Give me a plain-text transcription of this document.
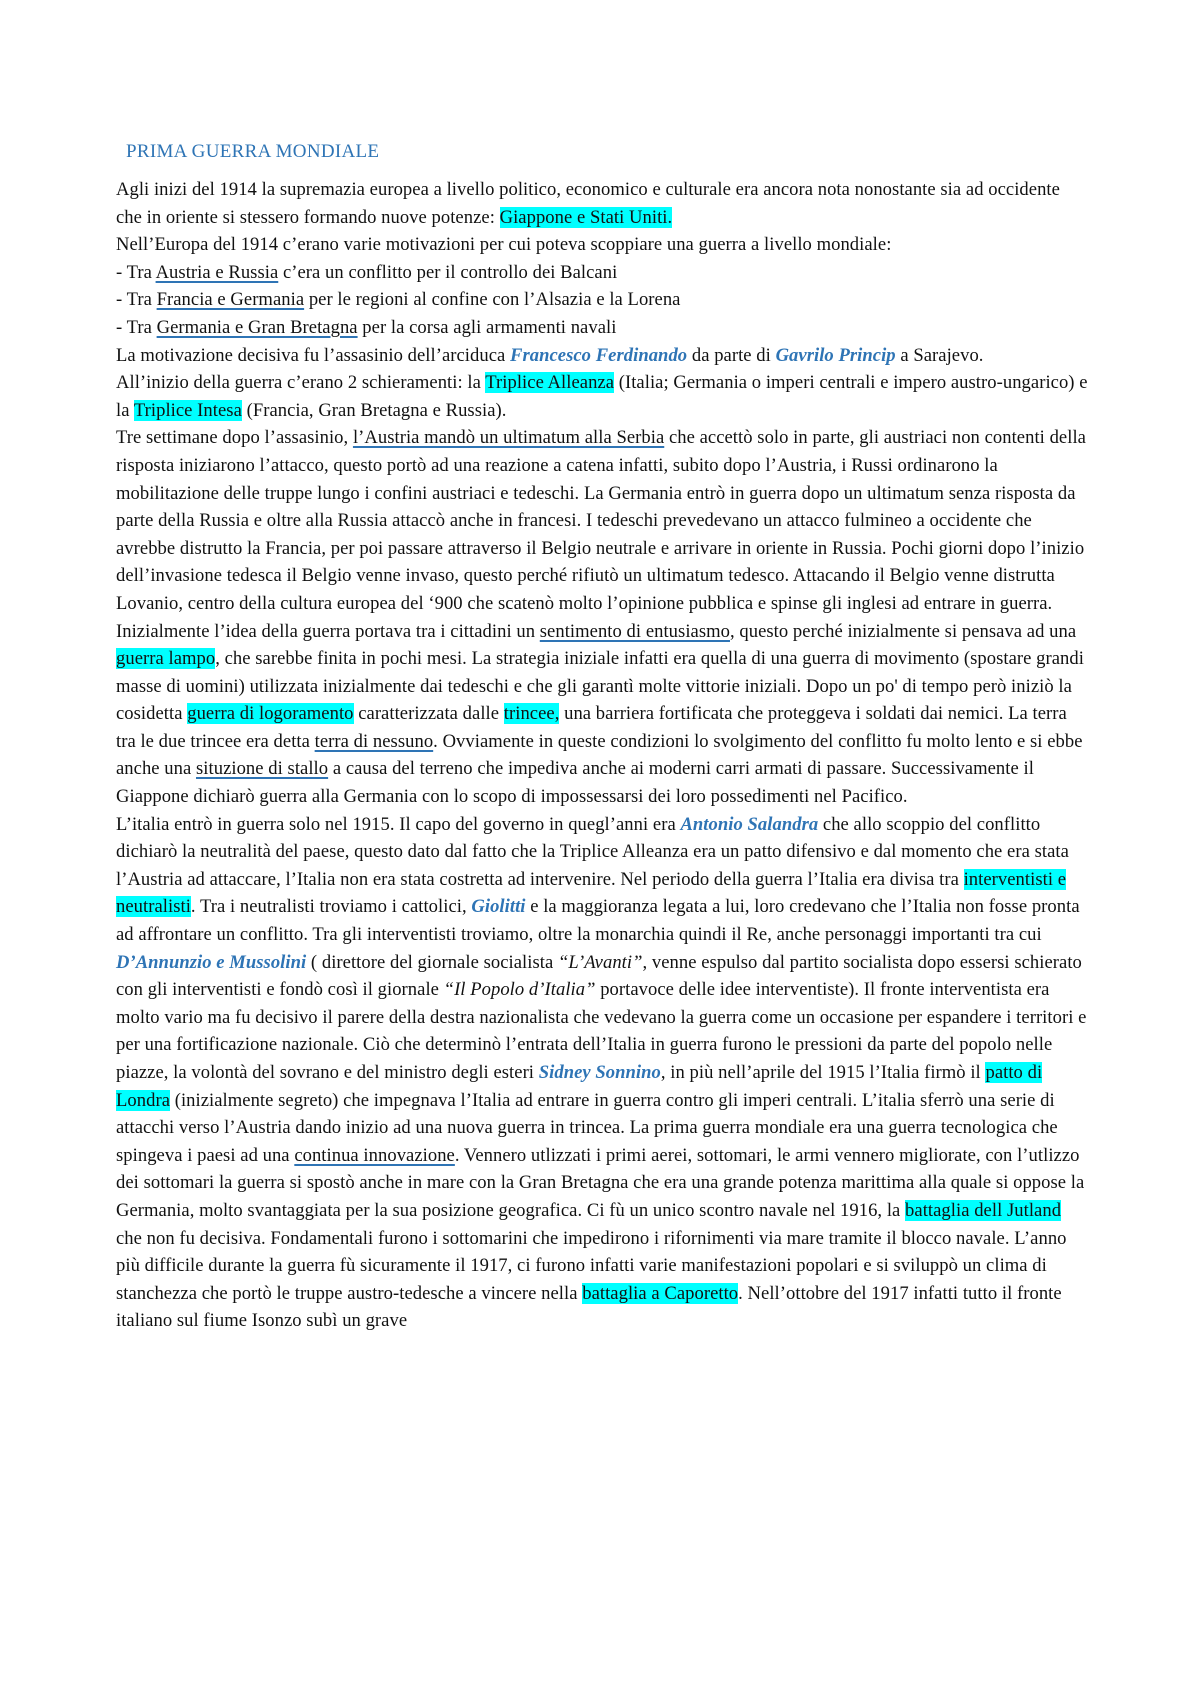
PRIMA GUERRA MONDIALE

Agli inizi del 1914 la supremazia europea a livello politico, economico e culturale era ancora nota nonostante sia ad occidente che in oriente si stessero formando nuove potenze: Giappone e Stati Uniti.

Nell’Europa del 1914 c’erano varie motivazioni per cui poteva scoppiare una guerra a livello mondiale:

- Tra Austria e Russia c’era un conflitto per il controllo dei Balcani

- Tra Francia e Germania per le regioni al confine con l’Alsazia e la Lorena

- Tra Germania e Gran Bretagna per la corsa agli armamenti navali

La motivazione decisiva fu l’assasinio dell’arciduca Francesco Ferdinando da parte di Gavrilo Princip a Sarajevo.

All’inizio della guerra c’erano 2 schieramenti: la Triplice Alleanza (Italia; Germania o imperi centrali e impero austro-ungarico) e la Triplice Intesa (Francia, Gran Bretagna e Russia).

Tre settimane dopo l’assasinio, l’Austria mandò un ultimatum alla Serbia che accettò solo in parte, gli austriaci non contenti della risposta iniziarono l’attacco, questo portò ad una reazione a catena infatti, subito dopo l’Austria, i Russi ordinarono la mobilitazione delle truppe lungo i confini austriaci e tedeschi. La Germania entrò in guerra dopo un ultimatum senza risposta da parte della Russia e oltre alla Russia attaccò anche in francesi. I tedeschi prevedevano un attacco fulmineo a occidente che avrebbe distrutto la Francia, per poi passare attraverso il Belgio neutrale e arrivare in oriente in Russia. Pochi giorni dopo l’inizio dell’invasione tedesca il Belgio venne invaso, questo perché rifiutò un ultimatum tedesco. Attacando il Belgio venne distrutta Lovanio, centro della cultura europea del ‘900 che scatenò molto l’opinione pubblica e spinse gli inglesi ad entrare in guerra.

Inizialmente l’idea della guerra portava tra i cittadini un sentimento di entusiasmo, questo perché inizialmente si pensava ad una guerra lampo, che sarebbe finita in pochi mesi. La strategia iniziale infatti era quella di una guerra di movimento (spostare grandi masse di uomini) utilizzata inizialmente dai tedeschi e che gli garantì molte vittorie iniziali. Dopo un po' di tempo però iniziò la cosidetta guerra di logoramento caratterizzata dalle trincee, una barriera fortificata che proteggeva i soldati dai nemici. La terra tra le due trincee era detta terra di nessuno. Ovviamente in queste condizioni lo svolgimento del conflitto fu molto lento e si ebbe anche una situzione di stallo a causa del terreno che impediva anche ai moderni carri armati di passare. Successivamente il Giappone dichiarò guerra alla Germania con lo scopo di impossessarsi dei loro possedimenti nel Pacifico.

L’italia entrò in guerra solo nel 1915. Il capo del governo in quegl’anni era Antonio Salandra che allo scoppio del conflitto dichiarò la neutralità del paese, questo dato dal fatto che la Triplice Alleanza era un patto difensivo e dal momento che era stata l’Austria ad attaccare, l’Italia non era stata costretta ad intervenire. Nel periodo della guerra l’Italia era divisa tra interventisti e neutralisti. Tra i neutralisti troviamo i cattolici, Giolitti e la maggioranza legata a lui, loro credevano che l’Italia non fosse pronta ad affrontare un conflitto. Tra gli interventisti troviamo, oltre la monarchia quindi il Re, anche personaggi importanti tra cui D’Annunzio e Mussolini ( direttore del giornale socialista “L’Avanti”, venne espulso dal partito socialista dopo essersi schierato con gli interventisti e fondò così il giornale “Il Popolo d’Italia” portavoce delle idee interventiste). Il fronte interventista era molto vario ma fu decisivo il parere della destra nazionalista che vedevano la guerra come un occasione per espandere i territori e per una fortificazione nazionale. Ciò che determinò l’entrata dell’Italia in guerra furono le pressioni da parte del popolo nelle piazze, la volontà del sovrano e del ministro degli esteri Sidney Sonnino, in più nell’aprile del 1915 l’Italia firmò il patto di Londra (inizialmente segreto) che impegnava l’Italia ad entrare in guerra contro gli imperi centrali. L’italia sferrò una serie di attacchi verso l’Austria dando inizio ad una nuova guerra in trincea. La prima guerra mondiale era una guerra tecnologica che spingeva i paesi ad una continua innovazione. Vennero utlizzati i primi aerei, sottomari, le armi vennero migliorate, con l’utlizzo dei sottomari la guerra si spostò anche in mare con la Gran Bretagna che era una grande potenza marittima alla quale si oppose la Germania, molto svantaggiata per la sua posizione geografica. Ci fù un unico scontro navale nel 1916, la battaglia dell Jutland che non fu decisiva. Fondamentali furono i sottomarini che impedirono i rifornimenti via mare tramite il blocco navale. L’anno più difficile durante la guerra fù sicuramente il 1917, ci furono infatti varie manifestazioni popolari e si sviluppò un clima di stanchezza che portò le truppe austro-tedesche a vincere nella battaglia a Caporetto. Nell’ottobre del 1917 infatti tutto il fronte italiano sul fiume Isonzo subì un grave
